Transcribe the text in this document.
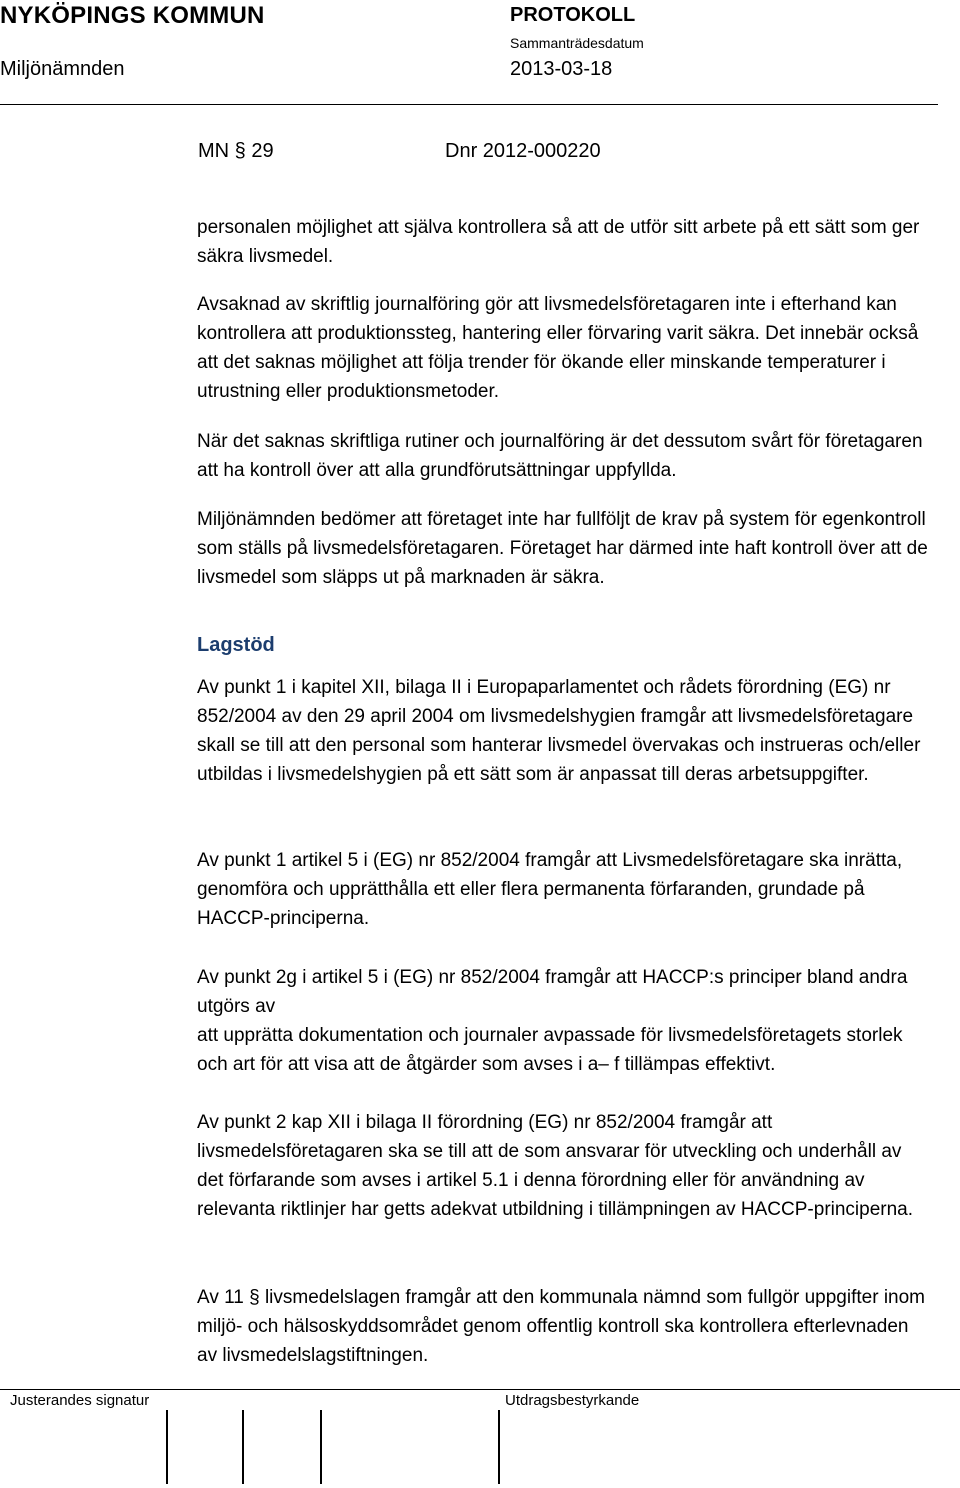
NYKÖPINGS KOMMUN
Miljönämnden
PROTOKOLL
Sammanträdesdatum
2013-03-18
MN § 29	Dnr 2012-000220

personalen möjlighet att själva kontrollera så att de utför sitt arbete på ett sätt som ger säkra livsmedel.

Avsaknad av skriftlig journalföring gör att livsmedelsföretagaren inte i efterhand kan kontrollera att produktionssteg, hantering eller förvaring varit säkra. Det innebär också att det saknas möjlighet att följa trender för ökande eller minskande temperaturer i utrustning eller produktionsmetoder.

När det saknas skriftliga rutiner och journalföring är det dessutom svårt för företagaren att ha kontroll över att alla grundförutsättningar uppfyllda.

Miljönämnden bedömer att företaget inte har fullföljt de krav på system för egenkontroll som ställs på livsmedelsföretagaren. Företaget har därmed inte haft kontroll över att de livsmedel som släpps ut på marknaden är säkra.

Lagstöd

Av punkt 1 i kapitel XII, bilaga II i Europaparlamentet och rådets förordning (EG) nr 852/2004 av den 29 april 2004 om livsmedelshygien framgår att livsmedelsföretagare skall se till att den personal som hanterar livsmedel övervakas och instrueras och/eller utbildas i livsmedelshygien på ett sätt som är anpassat till deras arbetsuppgifter.

Av punkt 1 artikel 5 i (EG) nr 852/2004 framgår att Livsmedelsföretagare ska inrätta, genomföra och upprätthålla ett eller flera permanenta förfaranden, grundade på HACCP-principerna.

Av punkt 2g i artikel 5 i (EG) nr 852/2004 framgår att HACCP:s principer bland andra utgörs av

att upprätta dokumentation och journaler avpassade för livsmedelsföretagets storlek och art för att visa att de åtgärder som avses i a– f tillämpas effektivt.

Av punkt 2 kap XII i bilaga II förordning (EG) nr 852/2004 framgår att livsmedelsföretagaren ska se till att de som ansvarar för utveckling och underhåll av det förfarande som avses i artikel 5.1 i denna förordning eller för användning av relevanta riktlinjer har getts adekvat utbildning i tillämpningen av HACCP-principerna.

Av 11 § livsmedelslagen framgår att den kommunala nämnd som fullgör uppgifter inom miljö- och hälsoskyddsområdet genom offentlig kontroll ska kontrollera efterlevnaden av livsmedelslagstiftningen.

Justerandes signatur	Utdragsbestyrkande
